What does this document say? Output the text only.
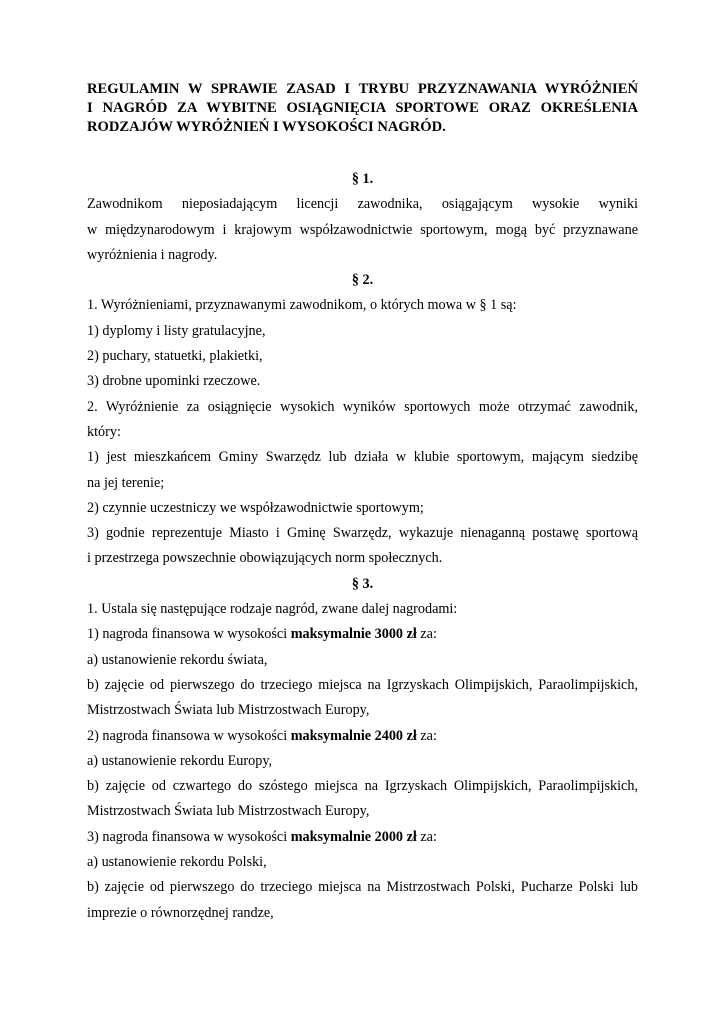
REGULAMIN W SPRAWIE ZASAD I TRYBU PRZYZNAWANIA WYRÓŻNIEŃ
I NAGRÓD ZA WYBITNE OSIĄGNIĘCIA SPORTOWE ORAZ OKREŚLENIA
RODZAJÓW WYRÓŻNIEŃ I WYSOKOŚCI NAGRÓD.

§ 1.

Zawodnikom nieposiadającym licencji zawodnika, osiągającym wysokie wyniki

w międzynarodowym i krajowym współzawodnictwie sportowym, mogą być przyznawane

wyróżnienia i nagrody.

§ 2.

1. Wyróżnieniami, przyznawanymi zawodnikom, o których mowa w § 1 są:

1) dyplomy i listy gratulacyjne,

2) puchary, statuetki, plakietki,

3) drobne upominki rzeczowe.

2. Wyróżnienie za osiągnięcie wysokich wyników sportowych może otrzymać zawodnik,

który:

1) jest mieszkańcem Gminy Swarzędz lub działa w klubie sportowym, mającym siedzibę

na jej terenie;

2) czynnie uczestniczy we współzawodnictwie sportowym;

3) godnie reprezentuje Miasto i Gminę Swarzędz, wykazuje nienaganną postawę sportową

i przestrzega powszechnie obowiązujących norm społecznych.

§ 3.

1. Ustala się następujące rodzaje nagród, zwane dalej nagrodami:

1) nagroda finansowa w wysokości maksymalnie 3000 zł za:

a) ustanowienie rekordu świata,

b) zajęcie od pierwszego do trzeciego miejsca na Igrzyskach Olimpijskich, Paraolimpijskich,

Mistrzostwach Świata lub Mistrzostwach Europy,

2) nagroda finansowa w wysokości maksymalnie 2400 zł za:

a) ustanowienie rekordu Europy,

b) zajęcie od czwartego do szóstego miejsca na Igrzyskach Olimpijskich, Paraolimpijskich,

Mistrzostwach Świata lub Mistrzostwach Europy,

3) nagroda finansowa w wysokości maksymalnie 2000 zł za:

a) ustanowienie rekordu Polski,

b) zajęcie od pierwszego do trzeciego miejsca na Mistrzostwach Polski, Pucharze Polski lub

imprezie o równorzędnej randze,
